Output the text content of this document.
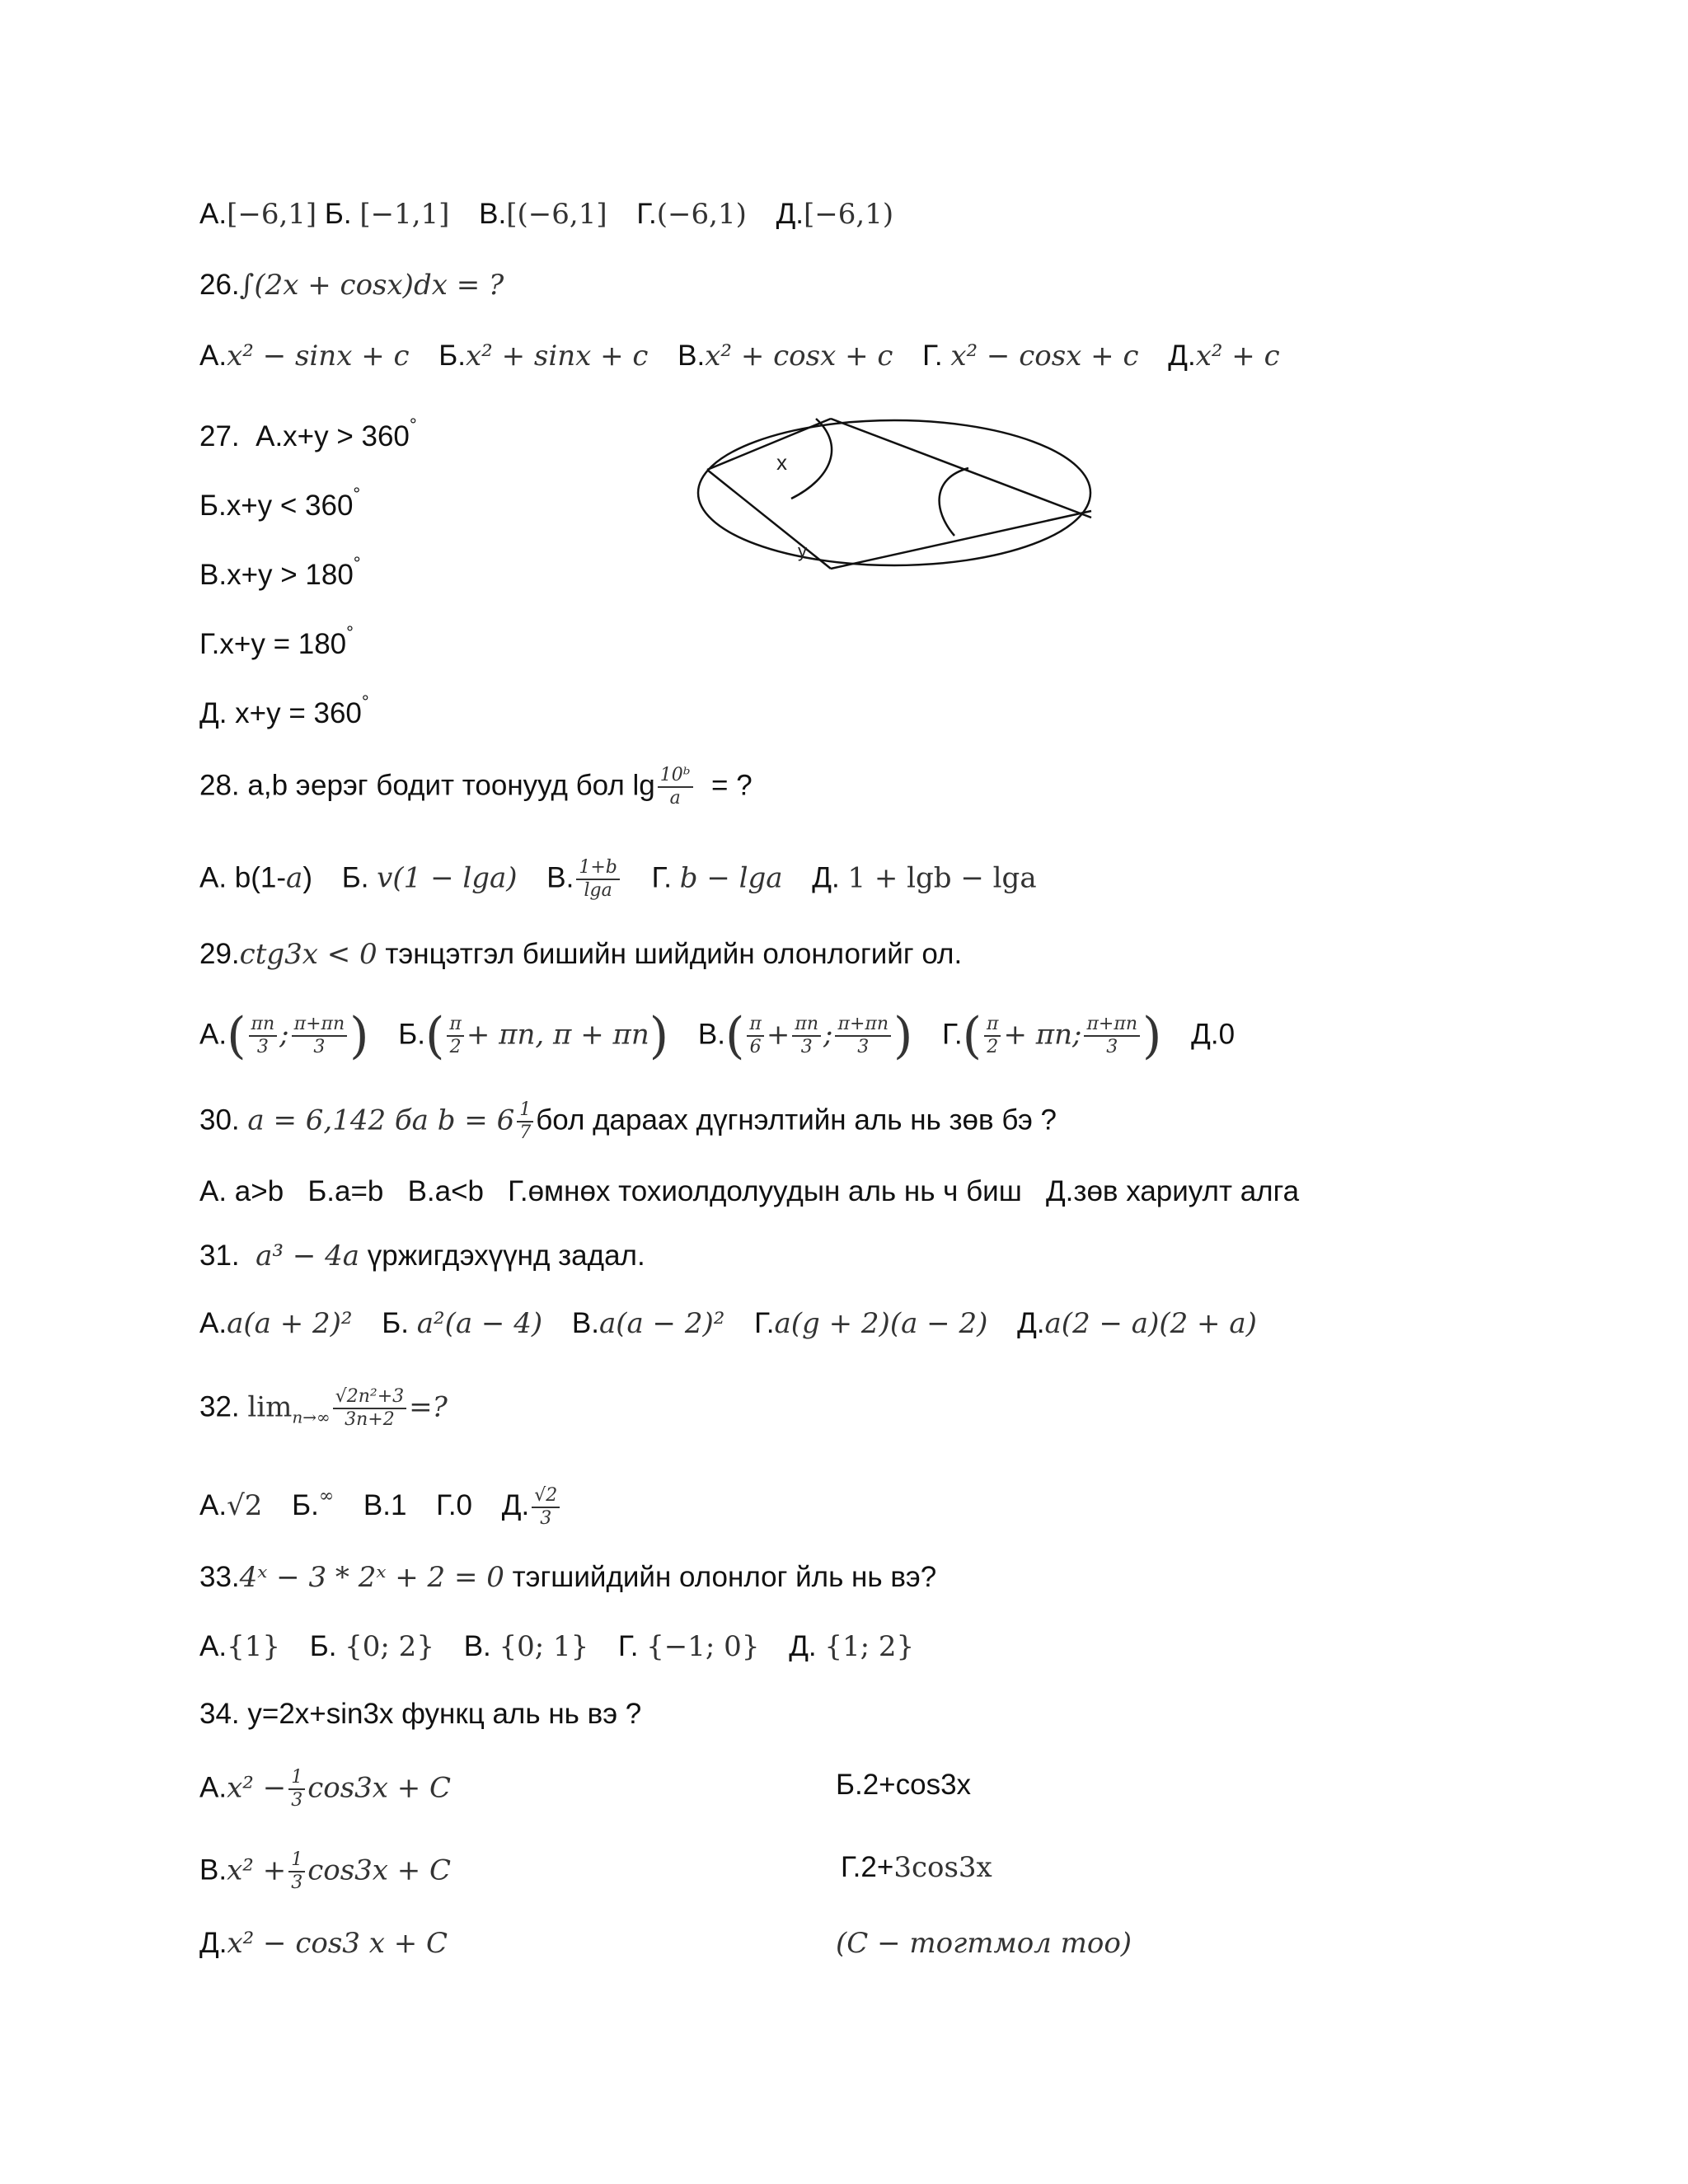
А.[−6,1] Б. [−1,1] В.[(−6,1] Г.(−6,1) Д.[−6,1)
26.∫(2x + cosx)dx = ?
А.x² − sinx + c Б.x² + sinx + c В.x² + cosx + c Г. x² − cosx + c Д.x² + c
27. А.x+y > 360°
Б.x+y < 360°
В.x+y > 180°
Г.x+y = 180°
Д. x+y = 360°
x
y
28. a,b эерэг бодит тоонууд бол $\lg \frac{\text{10ᵇ}}{a}$ = ?
А. b(1-a) Б. v(1 − lga) В. $\frac{1+b}{\lg a} Г$. b − lga Д. 1 + lgb − lga
29.ctg3x < 0 тэнцэтгэл бишийн шийдийн олонлогийг ол.
$А.( \frac{\pi n}{3}$ ; $\frac{\pi+\pi n}{3}$ ) $Б.( \frac{\pi}{2} + \pi n$, π + πn) $В.( \frac{\pi}{6} + \frac{\pi n}{3}$ ; $\frac{\pi+\pi n}{3}$ ) $Г.( \frac{\pi}{2} + \pi n$; $\frac{\pi+\pi n}{3}$ ) Д.0
30. a = 6,142 ба $b = 6 \frac{1}{7}$ бол дараах дүгнэлтийн аль нь зөв бэ ?
А. a>b   Б.a=b   В.a<b   Г.өмнөх тохиолдолуудын аль нь ч биш   Д.зөв хариулт алга
31. a³ − 4a үржигдэхүүнд задал.
А.a(a + 2)² Б. a²(a − 4) В.a(a − 2)² Г.a(g + 2)(a − 2) Д.a(2 − a)(2 + a)
32. $\lim_{n\to\infty} \frac{\text{√2n²+3}}{3n+2}$ =?
А.√2 Б.∞ В.1 Г.0 Д. $\frac{√2}{3}$
33.4ˣ − 3 * 2ˣ + 2 = 0 тэгшийдийн олонлог йль нь вэ?
А.{1} Б. {0; 2} В. {0; 1} Г. {−1; 0} Д. {1; 2}
34. y=2x+sin3x функц аль нь вэ ?
$А.x^2 - \frac{1}{3} \cos 3x + C$	Б.2+cos3x
$В.x^2 + \frac{1}{3} \cos 3x + C$	Г.2+3cos3x
Д.x² − cos3 x + C	(C − тогтмол тоо)
